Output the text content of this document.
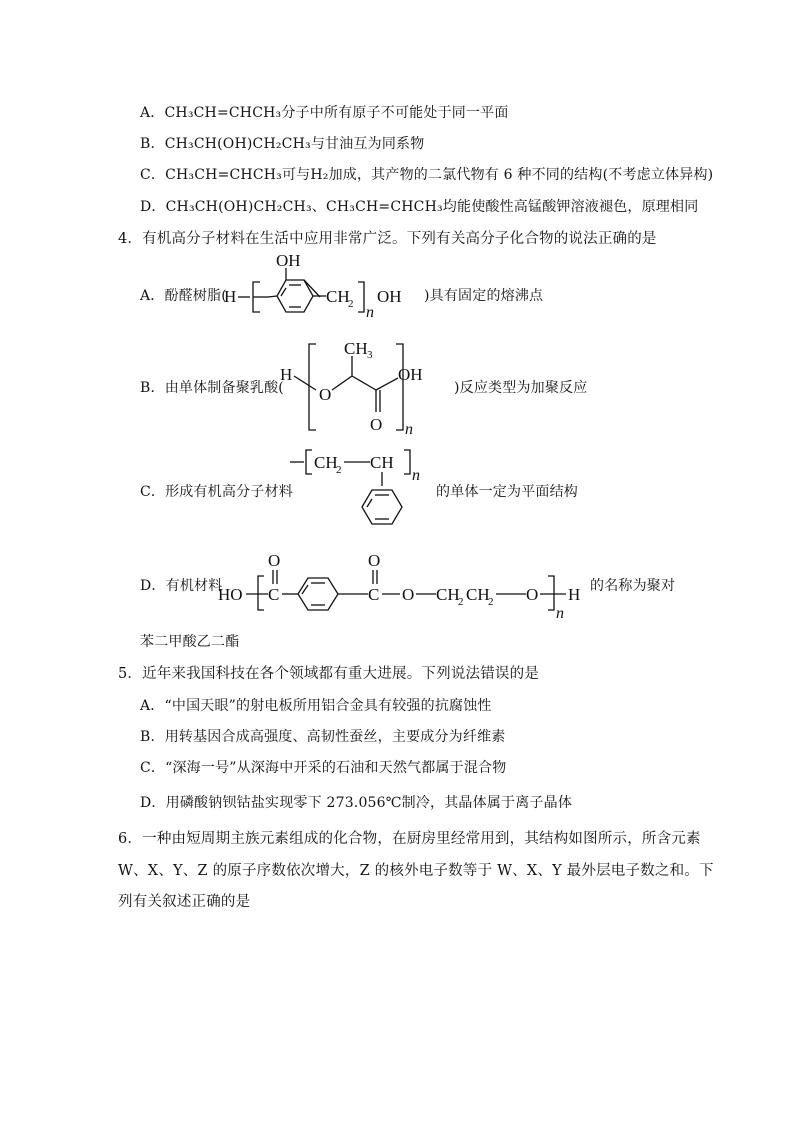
A．CH₃CH=CHCH₃分子中所有原子不可能处于同一平面
B．CH₃CH(OH)CH₂CH₃与甘油互为同系物
C．CH₃CH=CHCH₃可与H₂加成，其产物的二氯代物有 6 种不同的结构(不考虑立体异构)
D．CH₃CH(OH)CH₂CH₃、CH₃CH=CHCH₃均能使酸性高锰酸钾溶液褪色，原理相同
4．有机高分子材料在生活中应用非常广泛。下列有关高分子化合物的说法正确的是
A．酚醛树脂(
H
OH
CH
2 n
OH )具有固定的熔沸点
B．由单体制备聚乳酸(
H
O
CH 3
O
OH
n
)反应类型为加聚反应
C．形成有机高分子材料
CH
2 CH
n
的单体一定为平面结构
D．有机材料
HO C
O
C
O
O CH
2 CH
2 O
n
H 的名称为聚对
苯二甲酸乙二酯
5．近年来我国科技在各个领域都有重大进展。下列说法错误的是
A．“中国天眼”的射电板所用铝合金具有较强的抗腐蚀性
B．用转基因合成高强度、高韧性蚕丝，主要成分为纤维素
C．“深海一号”从深海中开采的石油和天然气都属于混合物
D．用磷酸钠钡钴盐实现零下 273.056℃制冷，其晶体属于离子晶体
6．一种由短周期主族元素组成的化合物，在厨房里经常用到，其结构如图所示，所含元素
W、X、Y、Z 的原子序数依次增大，Z 的核外电子数等于 W、X、Y 最外层电子数之和。下
列有关叙述正确的是
